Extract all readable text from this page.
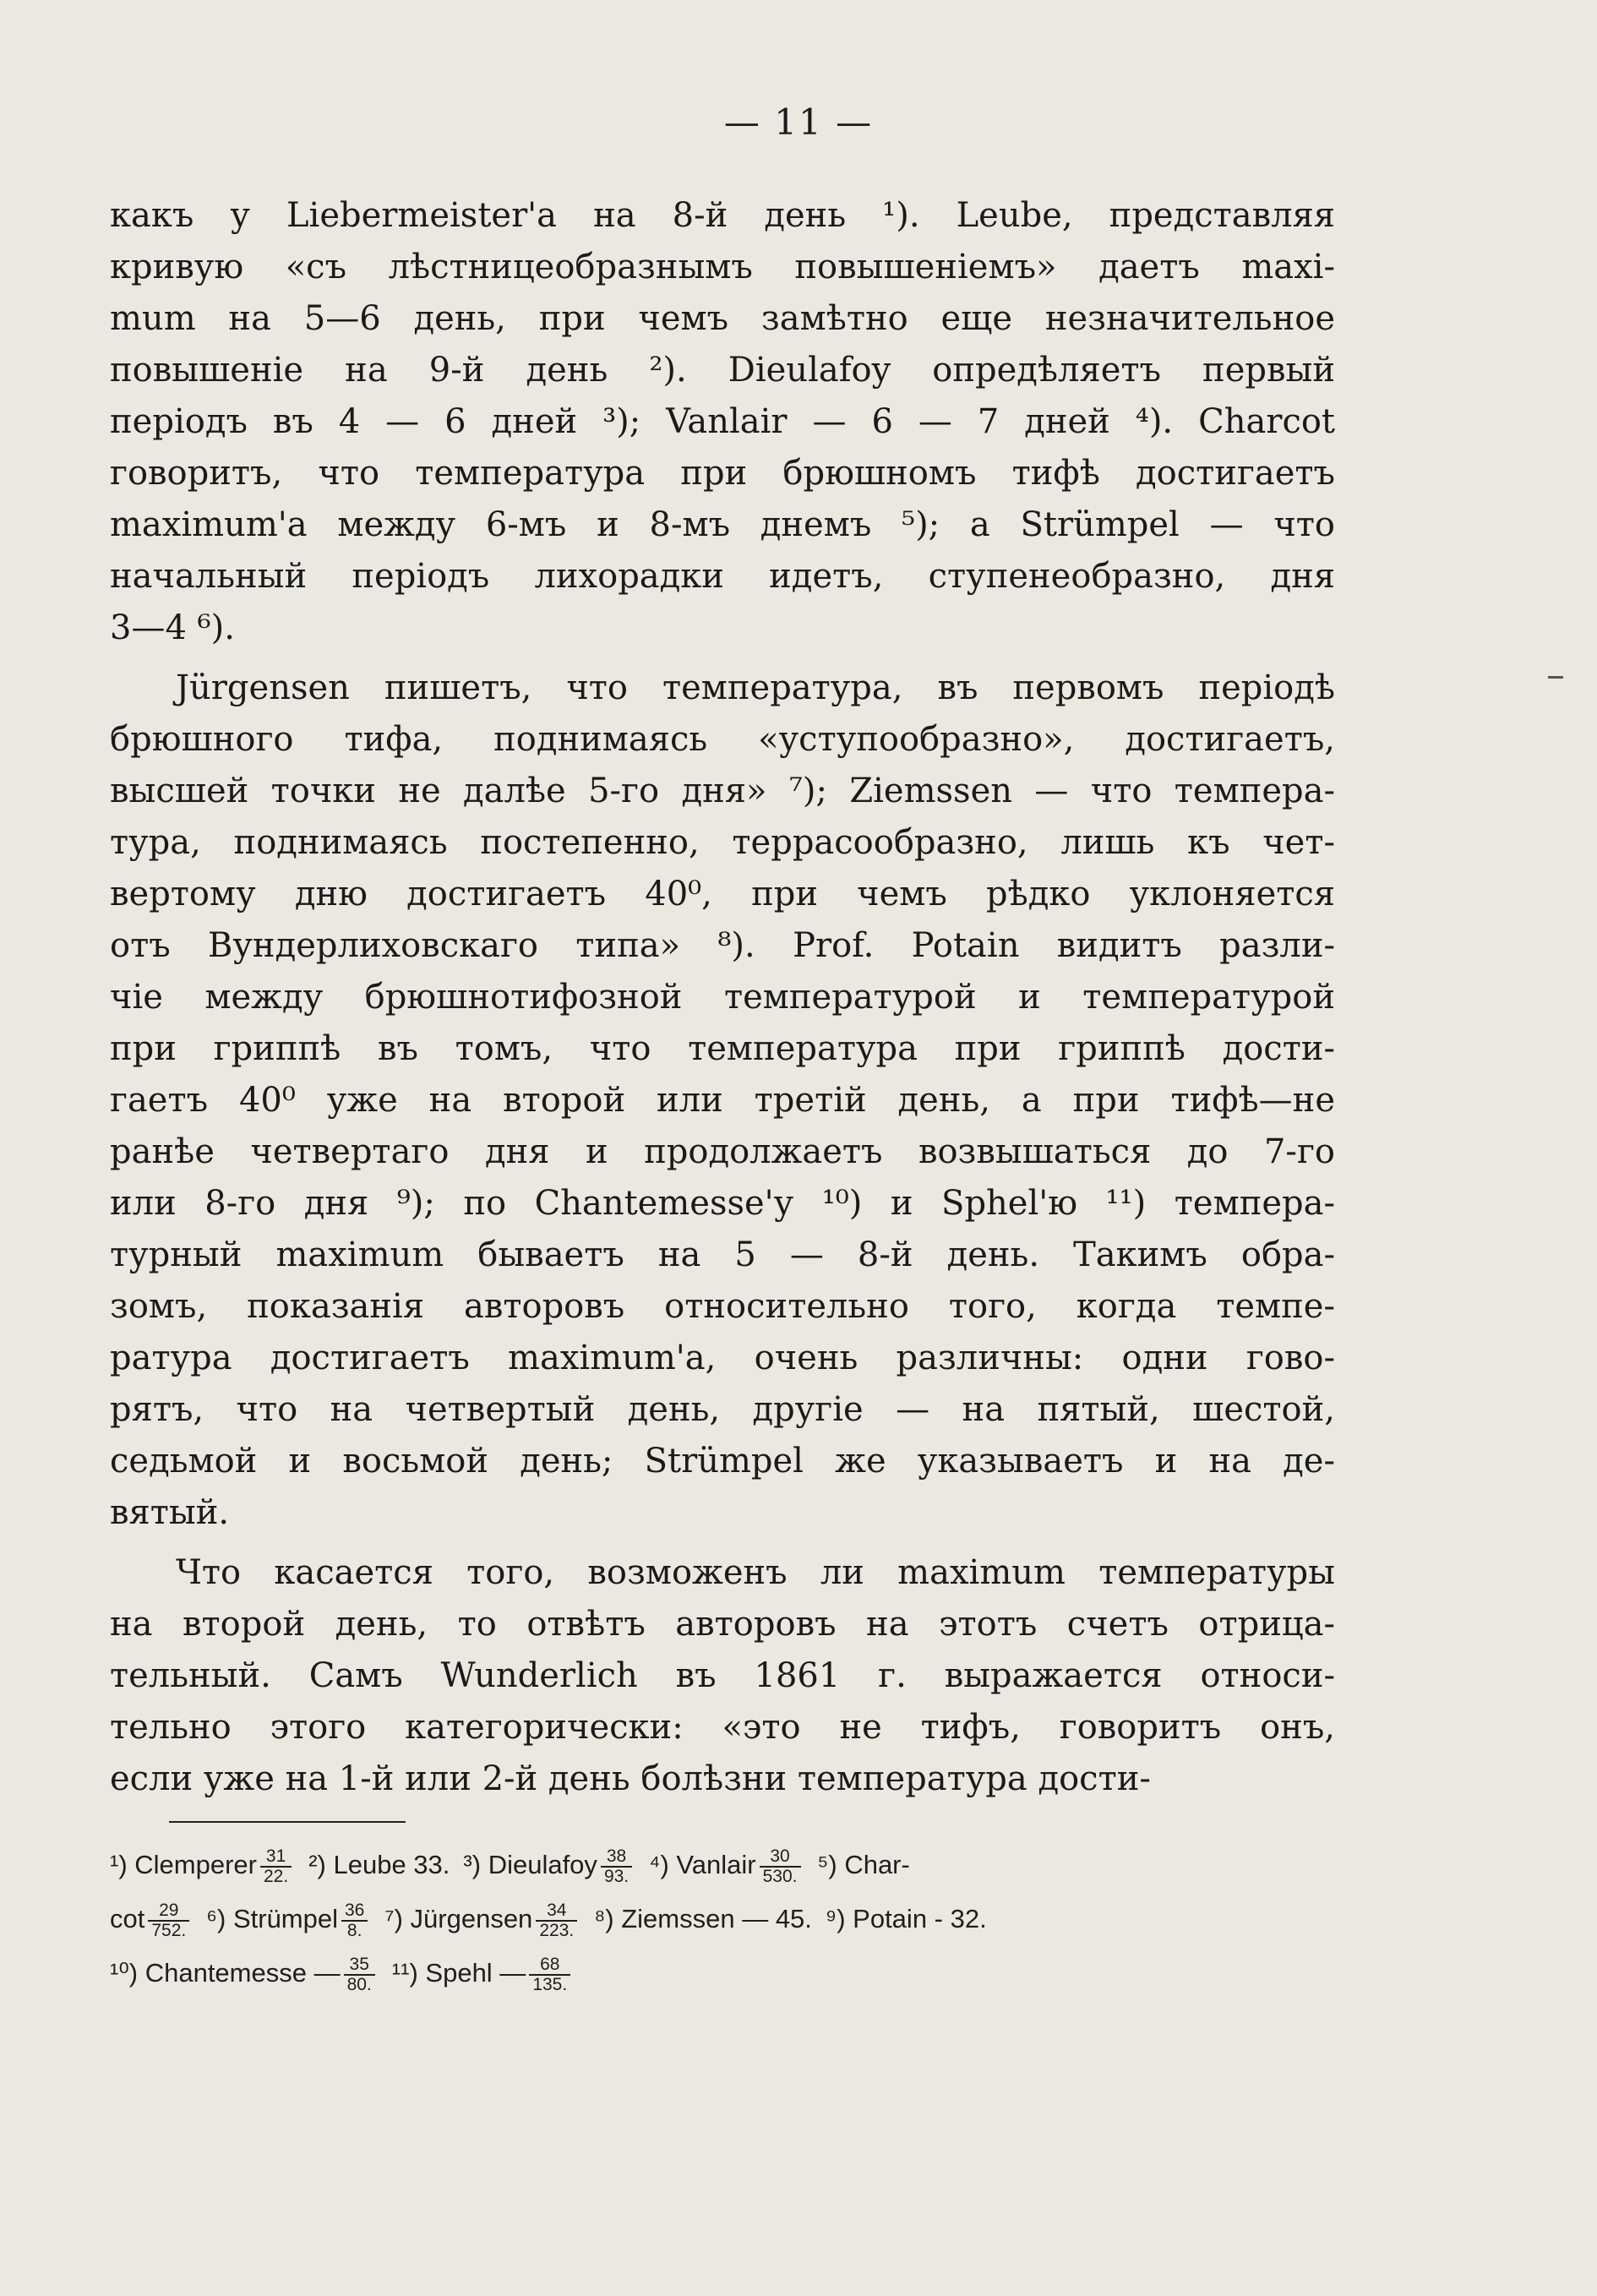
— 11 —
какъ у Liebermeister'а на 8-й день ¹). Leube, представляя
кривую «съ лѣстницеобразнымъ повышеніемъ» даетъ maxi-
mum на 5—6 день, при чемъ замѣтно еще незначительное
повышеніе на 9-й день ²). Dieulafoy опредѣляетъ первый
періодъ въ 4 — 6 дней ³); Vanlair — 6 — 7 дней ⁴). Charcot
говоритъ, что температура при брюшномъ тифѣ достигаетъ
maximum'а между 6-мъ и 8-мъ днемъ ⁵); а Strümpel — что
начальный періодъ лихорадки идетъ, ступенеобразно, дня
3—4 ⁶).
Jürgensen пишетъ, что температура, въ первомъ періодѣ
брюшного тифа, поднимаясь «уступообразно», достигаетъ,
высшей точки не далѣе 5-го дня» ⁷); Ziemssen — что темпера-
тура, поднимаясь постепенно, террасообразно, лишь къ чет-
вертому дню достигаетъ 40⁰, при чемъ рѣдко уклоняется
отъ Вундерлиховскаго типа» ⁸). Prof. Potain видитъ разли-
чіе между брюшнотифозной температурой и температурой
при гриппѣ въ томъ, что температура при гриппѣ дости-
гаетъ 40⁰ уже на второй или третій день, а при тифѣ—не
ранѣе четвертаго дня и продолжаетъ возвышаться до 7-го
или 8-го дня ⁹); по Chantemesse'у ¹⁰) и Sphel'ю ¹¹) темпера-
турный maximum бываетъ на 5 — 8-й день. Такимъ обра-
зомъ, показанія авторовъ относительно того, когда темпе-
ратура достигаетъ maximum'а, очень различны: одни гово-
рятъ, что на четвертый день, другіе — на пятый, шестой,
седьмой и восьмой день; Strümpel же указываетъ и на де-
вятый.
Что касается того, возможенъ ли maximum температуры
на второй день, то отвѣтъ авторовъ на этотъ счетъ отрица-
тельный. Самъ Wunderlich въ 1861 г. выражается относи-
тельно этого категорически: «это не тифъ, говоритъ онъ,
если уже на 1-й или 2-й день болѣзни температура дости-
¹) Clemperer $\frac{31}{22.} ^2$) Leube 33. ³) Dieulafoy $\frac{38}{93.} ^4$) Vanlair $\frac{30}{530.} ^5$) Char-
$\cot \frac{29}{752.} ^6$) Strümpel $\frac{36}{8.} ^7$) Jürgensen $\frac{34}{223.} ^8$) Ziemssen — 45. ⁹) Potain - 32.
¹⁰) Chantemesse — $\frac{35}{80.} ^{11}$) Spehl — $\frac{68}{135.}$
